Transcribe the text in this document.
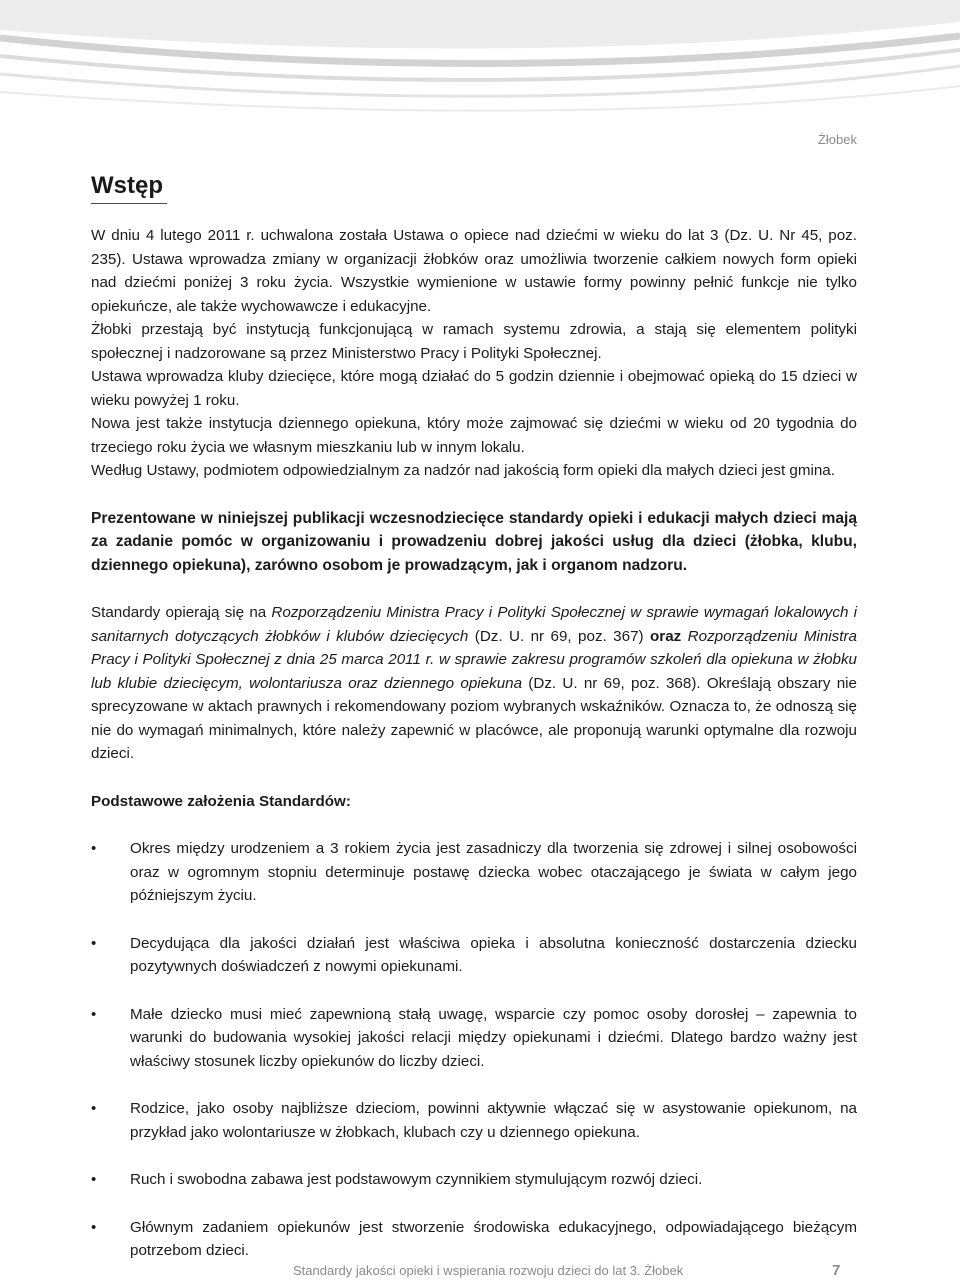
Żłobek
Wstęp

W dniu 4 lutego 2011 r. uchwalona została Ustawa o opiece nad dziećmi w wieku do lat 3 (Dz. U. Nr 45, poz. 235). Ustawa wprowadza zmiany w organizacji żłobków oraz umożliwia tworzenie całkiem nowych form opieki nad dziećmi poniżej 3 roku życia. Wszystkie wymienione w ustawie formy powinny pełnić funkcje nie tylko opiekuńcze, ale także wychowawcze i edukacyjne.

Żłobki przestają być instytucją funkcjonującą w ramach systemu zdrowia, a stają się elementem polityki społecznej i nadzorowane są przez Ministerstwo Pracy i Polityki Społecznej.

Ustawa wprowadza kluby dziecięce, które mogą działać do 5 godzin dziennie i obejmować opieką do 15 dzieci w wieku powyżej 1 roku.

Nowa jest także instytucja dziennego opiekuna, który może zajmować się dziećmi w wieku od 20 tygodnia do trzeciego roku życia we własnym mieszkaniu lub w innym lokalu.

Według Ustawy, podmiotem odpowiedzialnym za nadzór nad jakością form opieki dla małych dzieci jest gmina.

Prezentowane w niniejszej publikacji wczesnodziecięce standardy opieki i edukacji małych dzieci mają za zadanie pomóc w organizowaniu i prowadzeniu dobrej jakości usług dla dzieci (żłobka, klubu, dziennego opiekuna), zarówno osobom je prowadzącym, jak i organom nadzoru.

Standardy opierają się na Rozporządzeniu Ministra Pracy i Polityki Społecznej w sprawie wymagań lokalowych i sanitarnych dotyczących żłobków i klubów dziecięcych (Dz. U. nr 69, poz. 367) oraz Rozporządzeniu Ministra Pracy i Polityki Społecznej z dnia 25 marca 2011 r. w sprawie zakresu programów szkoleń dla opiekuna w żłobku lub klubie dziecięcym, wolontariusza oraz dziennego opiekuna (Dz. U. nr 69, poz. 368). Określają obszary nie sprecyzowane w aktach prawnych i rekomendowany poziom wybranych wskaźników. Oznacza to, że odnoszą się nie do wymagań minimalnych, które należy zapewnić w placówce, ale proponują warunki optymalne dla rozwoju dzieci.

Podstawowe założenia Standardów:

•	Okres między urodzeniem a 3 rokiem życia jest zasadniczy dla tworzenia się zdrowej i silnej osobowości oraz w ogromnym stopniu determinuje postawę dziecka wobec otaczającego je świata w całym jego późniejszym życiu.
•	Decydująca dla jakości działań jest właściwa opieka i absolutna konieczność dostarczenia dziecku pozytywnych doświadczeń z nowymi opiekunami.
•	Małe dziecko musi mieć zapewnioną stałą uwagę, wsparcie czy pomoc osoby dorosłej – zapewnia to warunki do budowania wysokiej jakości relacji między opiekunami i dziećmi. Dlatego bardzo ważny jest właściwy stosunek liczby opiekunów do liczby dzieci.
•	Rodzice, jako osoby najbliższe dzieciom, powinni aktywnie włączać się w asystowanie opiekunom, na przykład jako wolontariusze w żłobkach, klubach czy u dziennego opiekuna.
•	Ruch i swobodna zabawa jest podstawowym czynnikiem stymulującym rozwój dzieci.
•	Głównym zadaniem opiekunów jest stworzenie środowiska edukacyjnego, odpowiadającego bieżącym potrzebom dzieci.
Standardy jakości opieki i wspierania rozwoju dzieci do lat 3. Żłobek	7
